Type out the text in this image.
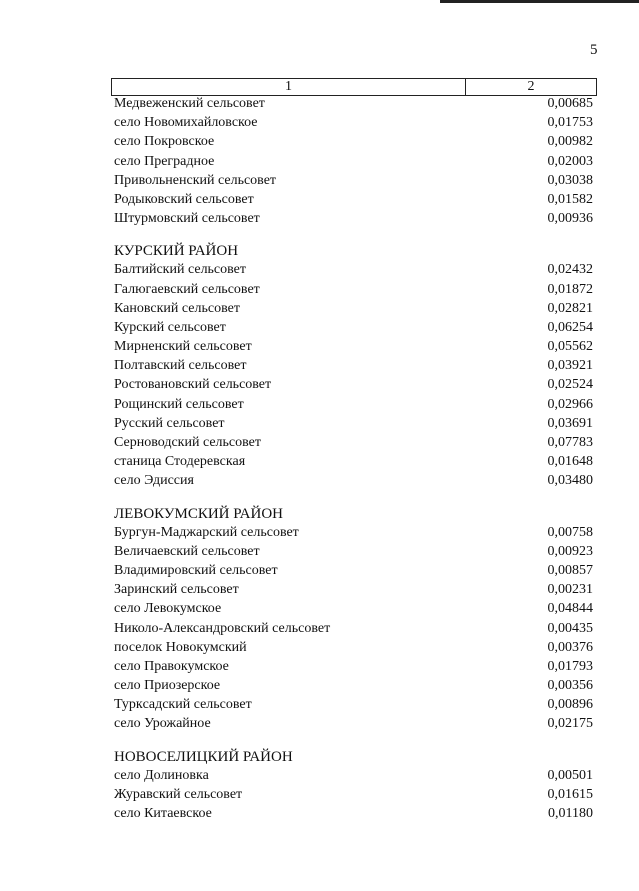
5
1	2
Медвеженский сельсовет	0,00685
село Новомихайловское	0,01753
село Покровское	0,00982
село Преградное	0,02003
Привольненский сельсовет	0,03038
Родыковский сельсовет	0,01582
Штурмовский сельсовет	0,00936
КУРСКИЙ РАЙОН
Балтийский сельсовет	0,02432
Галюгаевский сельсовет	0,01872
Кановский сельсовет	0,02821
Курский сельсовет	0,06254
Мирненский сельсовет	0,05562
Полтавский сельсовет	0,03921
Ростовановский сельсовет	0,02524
Рощинский сельсовет	0,02966
Русский сельсовет	0,03691
Серноводский сельсовет	0,07783
станица Стодеревская	0,01648
село Эдиссия	0,03480
ЛЕВОКУМСКИЙ РАЙОН
Бургун-Маджарский сельсовет	0,00758
Величаевский сельсовет	0,00923
Владимировский сельсовет	0,00857
Заринский сельсовет	0,00231
село Левокумское	0,04844
Николо-Александровский сельсовет	0,00435
поселок Новокумский	0,00376
село Правокумское	0,01793
село Приозерское	0,00356
Туркcадский сельсовет	0,00896
село Урожайное	0,02175
НОВОСЕЛИЦКИЙ РАЙОН
село Долиновка	0,00501
Журавский сельсовет	0,01615
село Китаевское	0,01180
